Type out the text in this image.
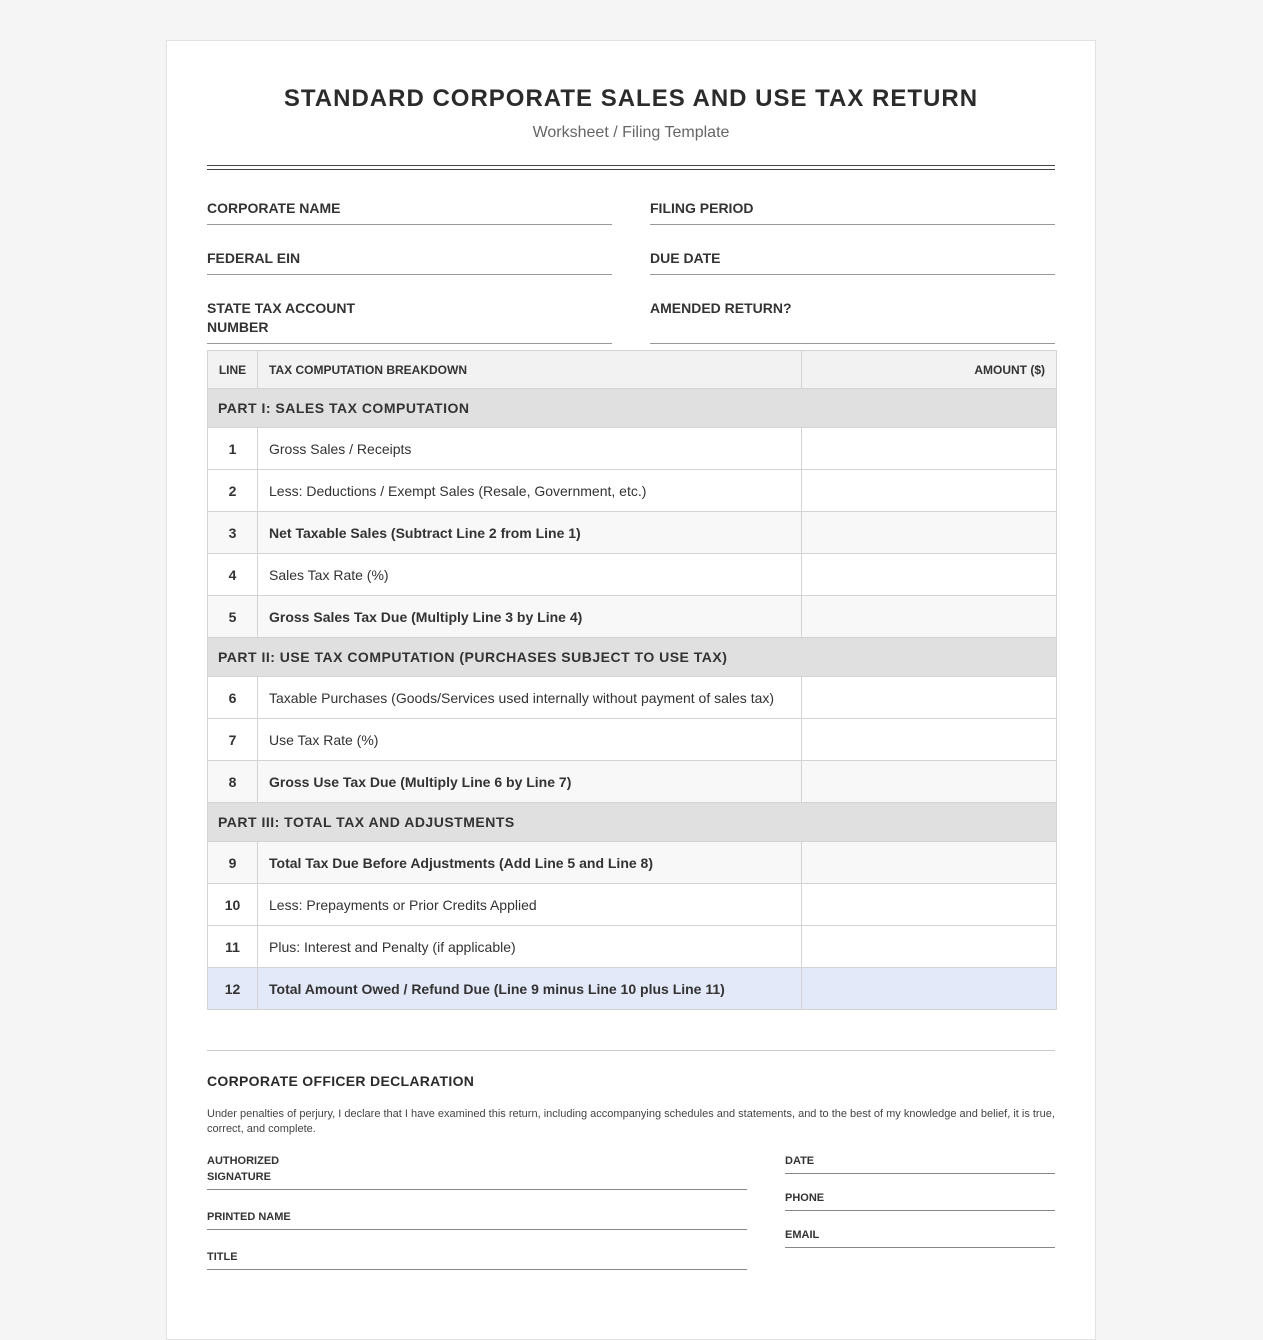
STANDARD CORPORATE SALES AND USE TAX RETURN
Worksheet / Filing Template
CORPORATE NAME
FEDERAL EIN
STATE TAX ACCOUNT NUMBER
FILING PERIOD
DUE DATE
AMENDED RETURN?
LINE	TAX COMPUTATION BREAKDOWN	AMOUNT ($)
PART I: SALES TAX COMPUTATION		
1	Gross Sales / Receipts	
2	Less: Deductions / Exempt Sales (Resale, Government, etc.)	
3	Net Taxable Sales (Subtract Line 2 from Line 1)	
4	Sales Tax Rate (%)	
5	Gross Sales Tax Due (Multiply Line 3 by Line 4)	
PART II: USE TAX COMPUTATION (PURCHASES SUBJECT TO USE TAX)		
6	Taxable Purchases (Goods/Services used internally without payment of sales tax)	
7	Use Tax Rate (%)	
8	Gross Use Tax Due (Multiply Line 6 by Line 7)	
PART III: TOTAL TAX AND ADJUSTMENTS		
9	Total Tax Due Before Adjustments (Add Line 5 and Line 8)	
10	Less: Prepayments or Prior Credits Applied	
11	Plus: Interest and Penalty (if applicable)	
12	Total Amount Owed / Refund Due (Line 9 minus Line 10 plus Line 11)	
CORPORATE OFFICER DECLARATION
Under penalties of perjury, I declare that I have examined this return, including accompanying schedules and statements, and to the best of my knowledge and belief, it is true, correct, and complete.
AUTHORIZED SIGNATURE
PRINTED NAME
TITLE
DATE
PHONE
EMAIL
